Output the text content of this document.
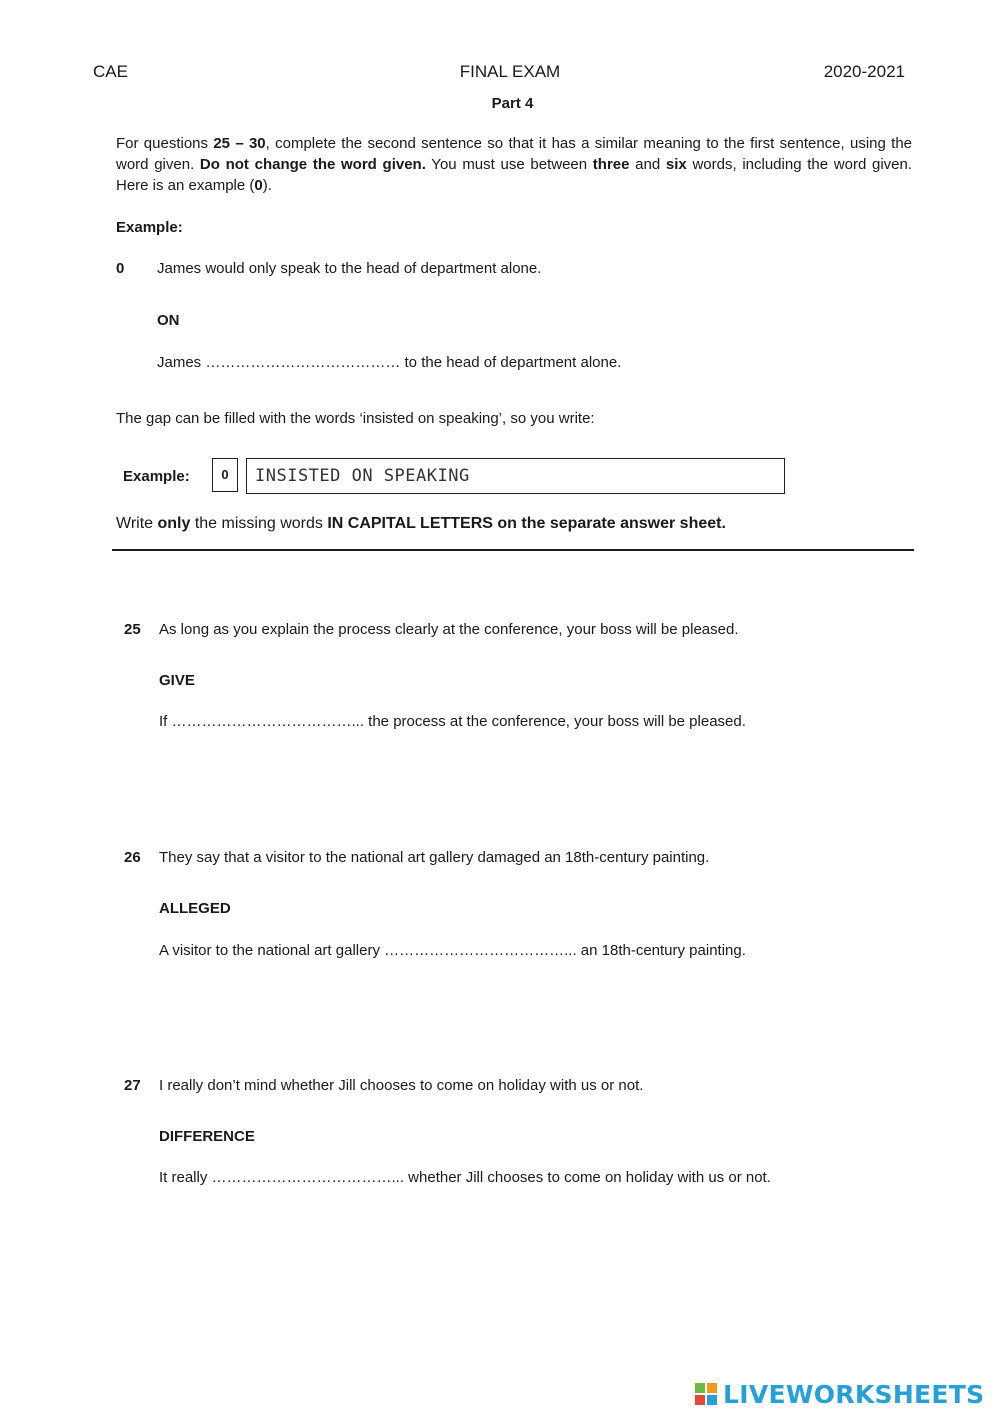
CAE	FINAL EXAM	2020-2021
Part 4
For questions 25 – 30, complete the second sentence so that it has a similar meaning to the first sentence, using the word given. Do not change the word given. You must use between three and six words, including the word given. Here is an example (0).
Example:
0 James would only speak to the head of department alone.
ON
James ………………………………… to the head of department alone.
The gap can be filled with the words ‘insisted on speaking’, so you write:
Example:	0	INSISTED ON SPEAKING
Write only the missing words IN CAPITAL LETTERS on the separate answer sheet.
25 As long as you explain the process clearly at the conference, your boss will be pleased.
GIVE
If ………………………………... the process at the conference, your boss will be pleased.
26 They say that a visitor to the national art gallery damaged an 18th-century painting.
ALLEGED
A visitor to the national art gallery ………………………………... an 18th-century painting.
27 I really don’t mind whether Jill chooses to come on holiday with us or not.
DIFFERENCE
It really ………………………………... whether Jill chooses to come on holiday with us or not.
LIVEWORKSHEETS
